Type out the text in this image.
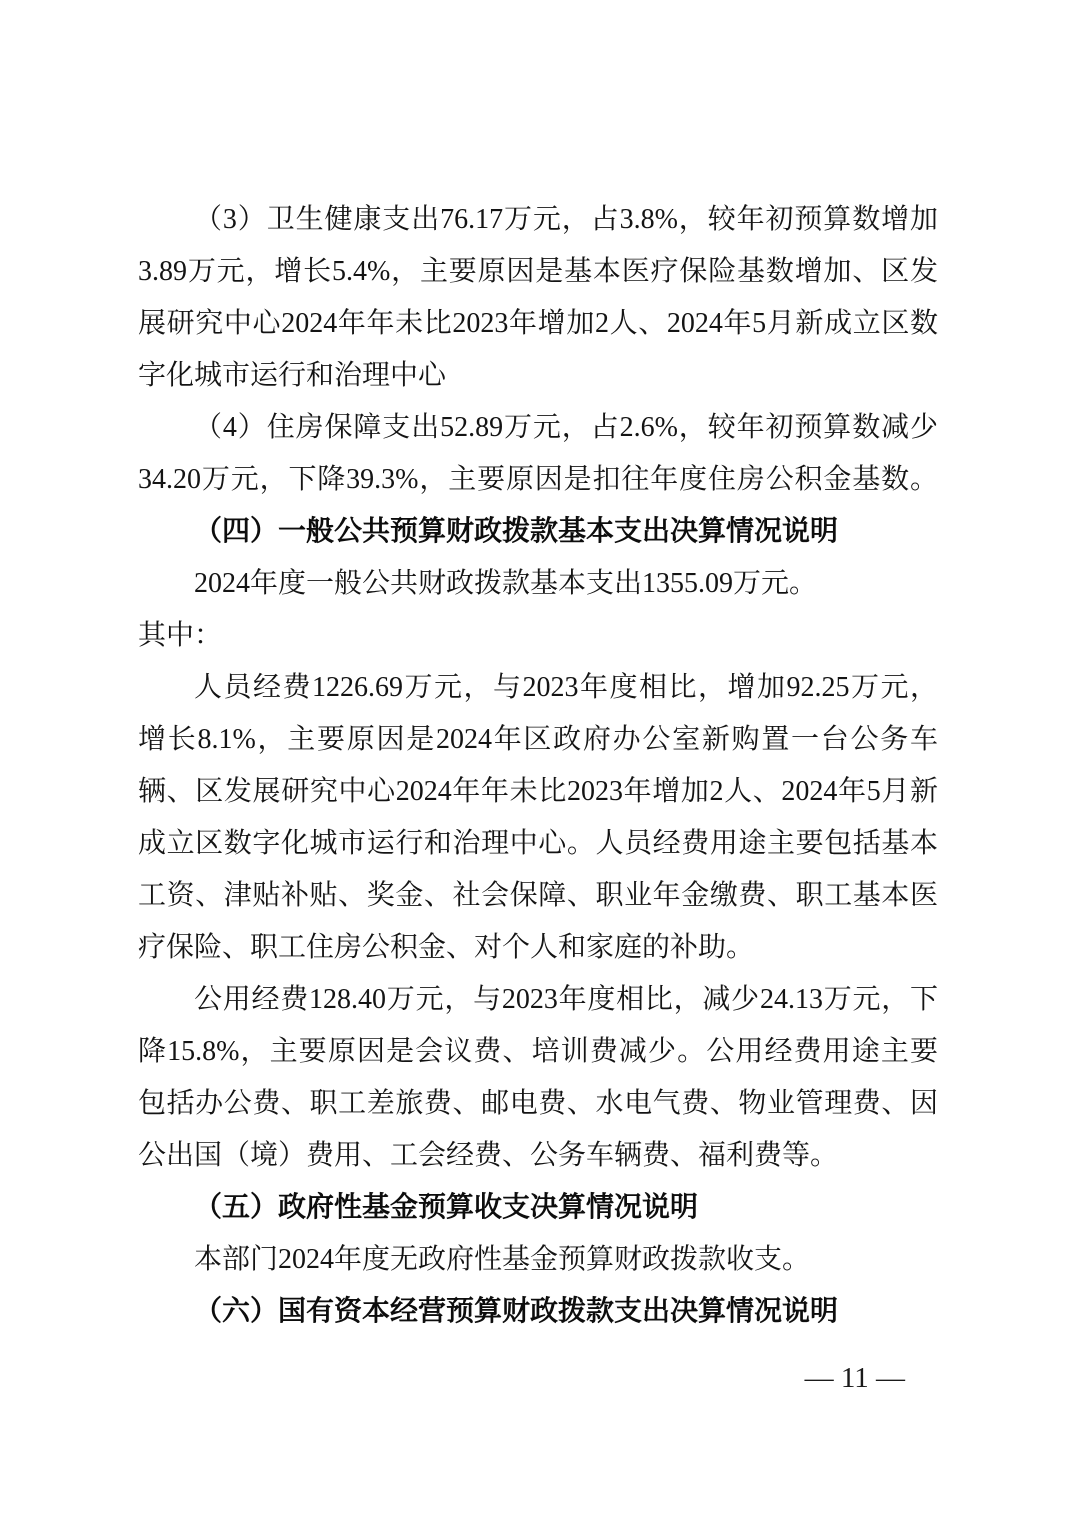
（3）卫生健康支出76.17万元，占3.8%，较年初预算数增加
3.89万元，增长5.4%，主要原因是基本医疗保险基数增加、区发
展研究中心2024年年未比2023年增加2人、2024年5月新成立区数
字化城市运行和治理中心
（4）住房保障支出52.89万元，占2.6%，较年初预算数减少
34.20万元，下降39.3%，主要原因是扣往年度住房公积金基数。
（四）一般公共预算财政拨款基本支出决算情况说明
2024年度一般公共财政拨款基本支出1355.09万元。
其中：
人员经费1226.69万元，与2023年度相比，增加92.25万元，
增长8.1%，主要原因是2024年区政府办公室新购置一台公务车
辆、区发展研究中心2024年年未比2023年增加2人、2024年5月新
成立区数字化城市运行和治理中心。人员经费用途主要包括基本
工资、津贴补贴、奖金、社会保障、职业年金缴费、职工基本医
疗保险、职工住房公积金、对个人和家庭的补助。
公用经费128.40万元，与2023年度相比，减少24.13万元，下
降15.8%，主要原因是会议费、培训费减少。公用经费用途主要
包括办公费、职工差旅费、邮电费、水电气费、物业管理费、因
公出国（境）费用、工会经费、公务车辆费、福利费等。
（五）政府性基金预算收支决算情况说明
本部门2024年度无政府性基金预算财政拨款收支。
（六）国有资本经营预算财政拨款支出决算情况说明
— 11 —
